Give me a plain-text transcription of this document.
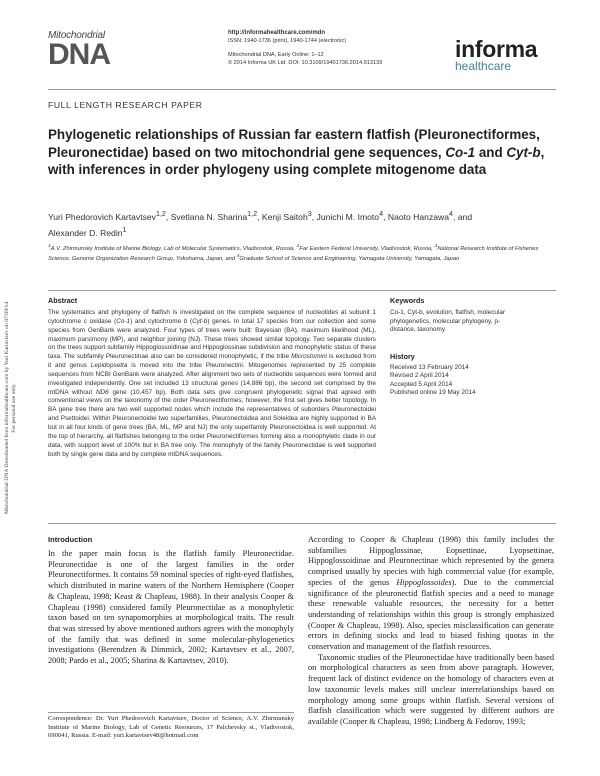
Mitochondrial
DNA
http://informahealthcare.com/mdn
ISSN: 1940-1736 (print), 1940-1744 (electronic)
Mitochondrial DNA, Early Online: 1–12
© 2014 Informa UK Ltd. DOI: 10.3109/19401736.2014.913139
informa
healthcare
FULL LENGTH RESEARCH PAPER
Phylogenetic relationships of Russian far eastern flatfish (Pleuronectiformes, Pleuronectidae) based on two mitochondrial gene sequences, Co-1 and Cyt-b, with inferences in order phylogeny using complete mitogenome data
Yuri Phedorovich Kartavtsev$^{1,2}$, Svetlana N. Sharina$^{1,2}$, Kenji Saitoh$^3$, Junichi M. Imoto$^4$, Naoto Hanzawa$^4$, and
Alexander D. Redin$^1$
$^1$A.V. Zhirmunsky Institute of Marine Biology, Lab of Molecular Systematics, Vladivostok, Russia, $^2$Far Eastern Federal University, Vladivostok, Russia, $^3$National Research Institute of Fisheries Science, Genome Organization Research Group, Yokohama, Japan, and $^4$Graduate School of Science and Engineering, Yamagata University, Yamagata, Japan
Abstract
The systematics and phylogeny of flatfish is investigated on the complete sequence of nucleotides at subunit 1 cytochrome c oxidase (Co-1) and cytochrome b (Cyt-b) genes. In total 17 species from our collection and some species from GenBank were analyzed. Four types of trees were built: Bayesian (BA), maximum likelihood (ML), maximum parsimony (MP), and neighbor joining (NJ). These trees showed similar topology. Two separate clusters on the trees support subfamily Hippoglossoidinae and Hippoglossinae subdivision and monophyletic status of these taxa. The subfamily Pleuronectinae also can be considered monophyletic, if the tribe Microstomini is excluded from it and genus Lepidopsetta is moved into the tribe Pleuronectini. Mitogenomes represented by 25 complete sequences from NCBI GenBank were analyzed. After alignment two sets of nucleotide sequences were formed and investigated independently. One set included 13 structural genes (14,886 bp), the second set comprised by the mtDNA without ND6 gene (10,457 bp). Both data sets give congruent phylogenetic signal that agreed with conventional views on the taxonomy of the order Pleuronectiformes; however, the first set gives better topology. In BA gene tree there are two well supported nodes which include the representatives of suborders Pleuronectoidei and Psettoidei. Within Pleuronectoidei two superfamilies, Pleuronectoidea and Soleidea are highly supported in BA but in all four kinds of gene trees (BA, ML, MP and NJ) the only superfamily Pleuronectoidea is well supported. At the top of hierarchy, all flatfishes belonging to the order Pleuronectiformes forming also a monophyletic clade in our data, with support level of 100% but in BA tree only. The monophyly of the family Pleuronectidae is well supported both by single gene data and by complete mtDNA sequences.
Keywords
Co-1, Cyt-b, evolution, flatfish, molecular phylogenetics, molecular phylogeny, p-distance, taxonomy
History
Received 13 February 2014
Revised 2 April 2014
Accepted 5 April 2014
Published online 19 May 2014
Introduction

In the paper main focus is the flatfish family Pleuronectidae. Pleuronectidae is one of the largest families in the order Pleuronectiformes. It contains 59 nominal species of right-eyed flatfishes, which distributed in marine waters of the Northern Hemisphere (Cooper & Chapleau, 1998; Keast & Chapleau, 1988). In their analysis Cooper & Chapleau (1998) considered family Pleuronectidae as a monophyletic taxon based on ten synapomorphies at morphological traits. The result that was stressed by above mentioned authors agrees with the monophyly of the family that was defined in some molecular-phylogenetics investigations (Berendzen & Dimmick, 2002; Kartavtsev et al., 2007, 2008; Pardo et al., 2005; Sharina & Kartavtsev, 2010).

According to Cooper & Chapleau (1998) this family includes the subfamilies Hippoglossinae, Eopsettinae, Lyopsettinae, Hippoglossoidinae and Pleuronectinae which represented by the genera comprised usually by species with high commercial value (for example, species of the genus Hippoglossoides). Due to the commercial significance of the pleuronectid flatfish species and a need to manage these renewable valuable resources, the necessity for a better understanding of relationships within this group is strongly emphasized (Cooper & Chapleau, 1998). Also, species misclassification can generate errors in defining stocks and lead to biased fishing quotas in the conservation and management of the flatfish resources.

Taxonomic studies of the Pleuronectidae have traditionally been based on morphological characters as seen from above paragraph. However, frequent lack of distinct evidence on the homology of characters even at low taxonomic levels makes still unclear interrelationships based on morphology among some groups within flatfish. Several versions of flatfish classification which were suggested by different authors are available (Cooper & Chapleau, 1998; Lindberg & Fedorov, 1993;

Correspondence: Dr. Yuri Phedorovich Kartavtsev, Doctor of Science, A.V. Zhirmunsky Institute of Marine Biology, Lab of Genetic Resources, 17 Palchevsky st., Vladivostok, 690041, Russia. E-mail: yuri.kartavtsev48@hotmail.com
Mitochondrial DNA Downloaded from informahealthcare.com by Yuri Kartavtsev on 07/09/14 For personal use only.
